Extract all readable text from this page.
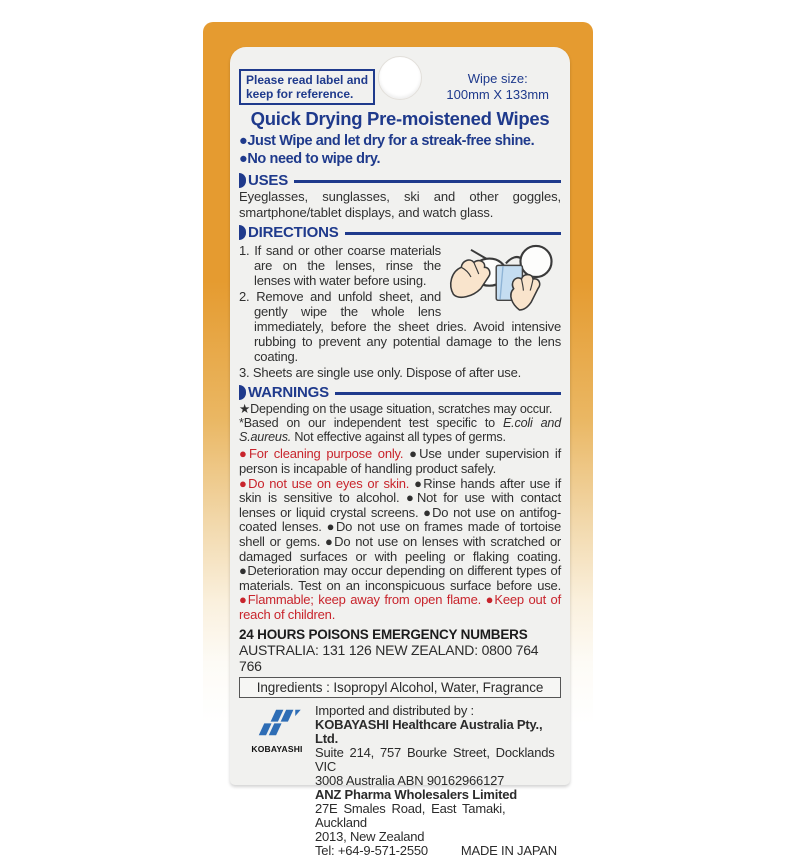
Please read label and
keep for reference.
Wipe size:
100mm X 133mm
Quick Drying Pre-moistened Wipes
●Just Wipe and let dry for a streak-free shine.
●No need to wipe dry.
USES
Eyeglasses, sunglasses, ski and other goggles, smartphone/tablet displays, and watch glass.
DIRECTIONS

1. If sand or other coarse materials are on the lenses, rinse the lenses with water before using.

2. Remove and unfold sheet, and gently wipe the whole lens immediately, before the sheet dries. Avoid intensive rubbing to prevent any potential damage to the lens coating.

3. Sheets are single use only. Dispose of after use.

WARNINGS
★Depending on the usage situation, scratches may occur.
*Based on our independent test specific to E.coli and S.aureus. Not effective against all types of germs.

●For cleaning purpose only. ●Use under supervision if person is incapable of handling product safely.

●Do not use on eyes or skin. ●Rinse hands after use if skin is sensitive to alcohol. ●Not for use with contact lenses or liquid crystal screens. ●Do not use on antifog-coated lenses. ●Do not use on frames made of tortoise shell or gems. ●Do not use on lenses with scratched or damaged surfaces or with peeling or flaking coating. ●Deterioration may occur depending on different types of materials. Test on an inconspicuous surface before use. ●Flammable; keep away from open flame. ●Keep out of reach of children.

24 HOURS POISONS EMERGENCY NUMBERS
AUSTRALIA: 131 126 NEW ZEALAND: 0800 764 766
Ingredients : Isopropyl Alcohol, Water, Fragrance
KOBAYASHI
Imported and distributed by :
KOBAYASHI Healthcare Australia Pty., Ltd.
Suite 214, 757 Bourke Street, Docklands VIC
3008 Australia ABN 90162966127
ANZ Pharma Wholesalers Limited
27E Smales Road, East Tamaki, Auckland
2013, New Zealand
Tel: +64-9-571-2550	MADE IN JAPAN
